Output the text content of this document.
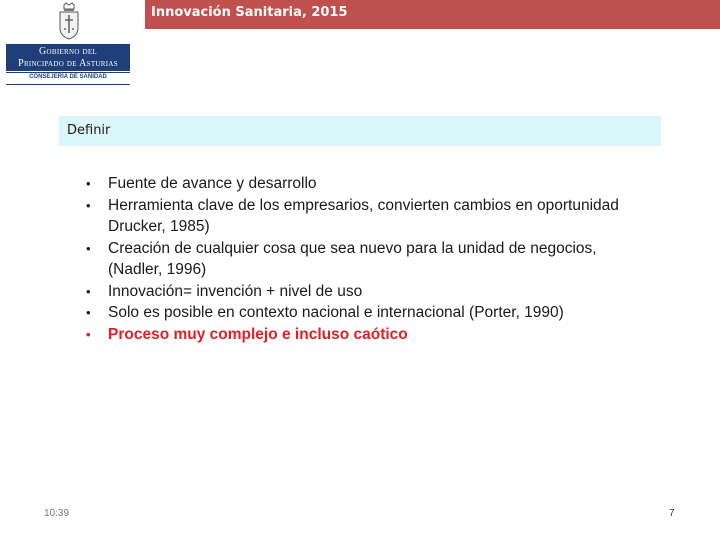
Innovación Sanitaria, 2015
Gobierno del
Principado de Asturias
CONSEJERÍA DE SANIDAD
Definir
• Fuente de avance y desarrollo
• Herramienta clave de los empresarios, convierten cambios en oportunidad Drucker, 1985)
• Creación de cualquier cosa que sea nuevo para la unidad de negocios, (Nadler, 1996)
• Innovación= invención + nivel de uso
• Solo es posible en contexto nacional e internacional (Porter, 1990)
• Proceso muy complejo e incluso caótico
10:39	7
